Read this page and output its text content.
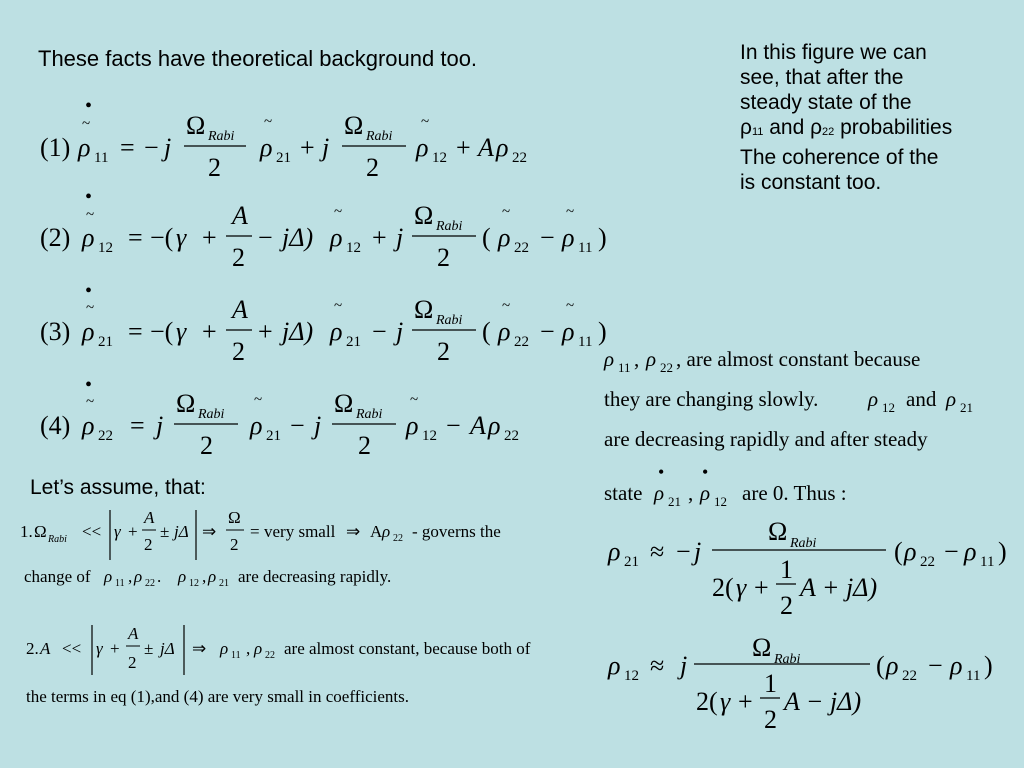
These facts have theoretical background too.
Let’s assume, that:
In this figure we can
see, that after the
steady state of the
$\rho_{11}$ and $\rho_{22}$ probabilities
The coherence of the
is constant too.
•
~
(1) ρ 11 = − j
Ω Rabi
2
~
ρ 21 + j
Ω Rabi
2
~
ρ 12 + A ρ 22
•
~
(2) ρ 12 = −( γ +
A
2
− jΔ)
~
ρ 12 + j
Ω Rabi
2
(
~
ρ 22 −
~
ρ 11 )
•
~
(3) ρ 21 = −( γ +
A
2
+ jΔ)
~
ρ 21 − j
Ω Rabi
2
(
~
ρ 22 −
~
ρ 11 )
•
~
(4) ρ 22 = j
Ω Rabi
2
~
ρ 21 − j
Ω Rabi
2
~
ρ 12 − A ρ 22
1. Ω Rabi << γ +
A
2
± jΔ ⇒
Ω
2
= very small ⇒ A ρ 22 - governs the
change of ρ 11 , ρ 22 . ρ 12 , ρ 21 are decreasing rapidly.
2. A << γ +
A
2
± jΔ ⇒ ρ 11 , ρ 22 are almost constant, because both of
the terms in eq (1),and (4) are very small in coefficients.
ρ 11 , ρ 22 , are almost constant because
they are changing slowly. ρ 12 and ρ 21
are decreasing rapidly and after steady
• •
state ρ 21 , ρ 12 are 0. Thus :
ρ 21 ≈ − j
Ω Rabi
1
2
2( γ + A + jΔ)
( ρ 22 − ρ 11 )
ρ 12 ≈ j
Ω Rabi
1
2
2( γ + A − jΔ)
( ρ 22 − ρ 11 )
